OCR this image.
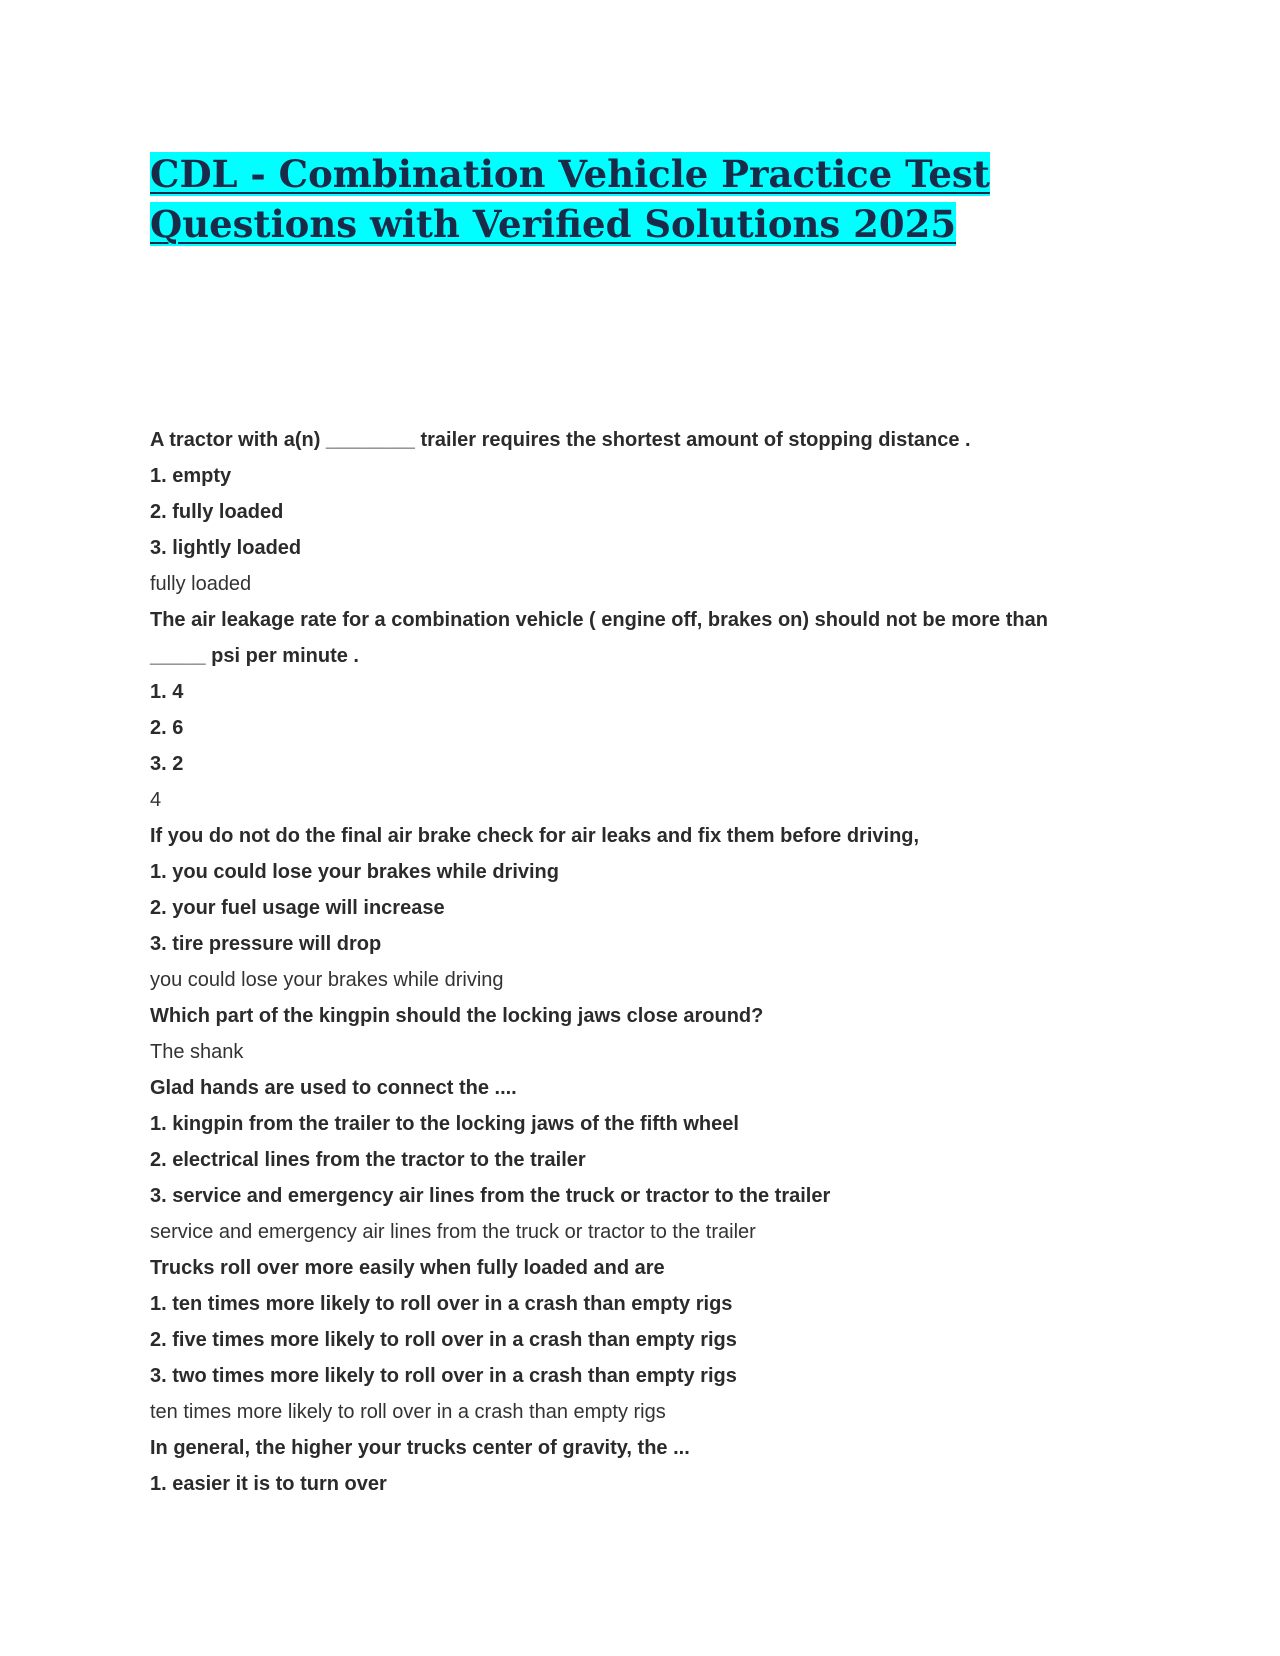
CDL - Combination Vehicle Practice Test Questions with Verified Solutions 2025
A tractor with a(n) ________ trailer requires the shortest amount of stopping distance .
1. empty
2. fully loaded
3. lightly loaded
fully loaded
The air leakage rate for a combination vehicle ( engine off, brakes on) should not be more than
_____ psi per minute .
1. 4
2. 6
3. 2
4
If you do not do the final air brake check for air leaks and fix them before driving,
1. you could lose your brakes while driving
2. your fuel usage will increase
3. tire pressure will drop
you could lose your brakes while driving
Which part of the kingpin should the locking jaws close around?
The shank
Glad hands are used to connect the ....
1. kingpin from the trailer to the locking jaws of the fifth wheel
2. electrical lines from the tractor to the trailer
3. service and emergency air lines from the truck or tractor to the trailer
service and emergency air lines from the truck or tractor to the trailer
Trucks roll over more easily when fully loaded and are
1. ten times more likely to roll over in a crash than empty rigs
2. five times more likely to roll over in a crash than empty rigs
3. two times more likely to roll over in a crash than empty rigs
ten times more likely to roll over in a crash than empty rigs
In general, the higher your trucks center of gravity, the ...
1. easier it is to turn over
